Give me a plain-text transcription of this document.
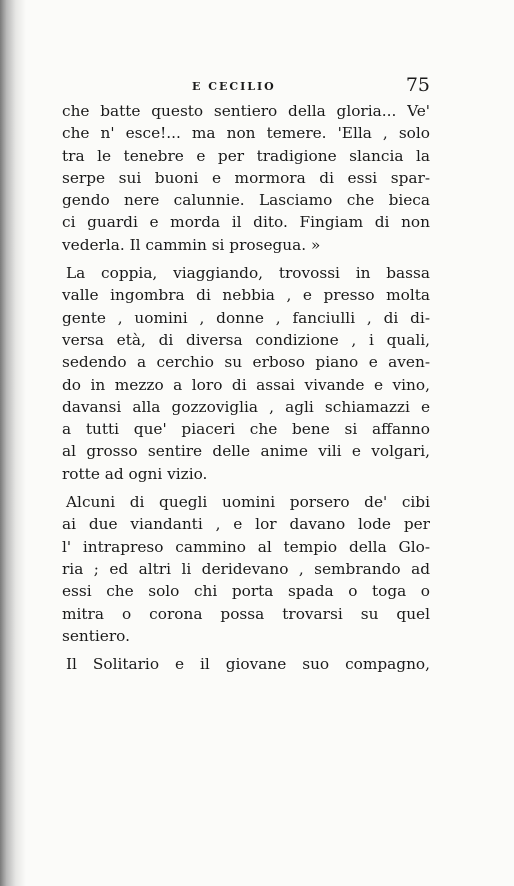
E CECILIO	75
che batte questo sentiero della gloria... Ve'
che n' esce!... ma non temere. 'Ella , solo
tra le tenebre e per tradigione slancia la
serpe sui buoni e mormora di essi spar-
gendo nere calunnie. Lasciamo che bieca
ci guardi e morda il dito. Fingiam di non
vederla. Il cammin si prosegua. »
La coppia, viaggiando, trovossi in bassa
valle ingombra di nebbia , e presso molta
gente , uomini , donne , fanciulli , di di-
versa età, di diversa condizione , i quali,
sedendo a cerchio su erboso piano e aven-
do in mezzo a loro di assai vivande e vino,
davansi alla gozzoviglia , agli schiamazzi e
a tutti que' piaceri che bene si affanno
al grosso sentire delle anime vili e volgari,
rotte ad ogni vizio.
Alcuni di quegli uomini porsero de' cibi
ai due viandanti , e lor davano lode per
l' intrapreso cammino al tempio della Glo-
ria ; ed altri li deridevano , sembrando ad
essi che solo chi porta spada o toga o
mitra o corona possa trovarsi su quel
sentiero.
Il Solitario e il giovane suo compagno,
